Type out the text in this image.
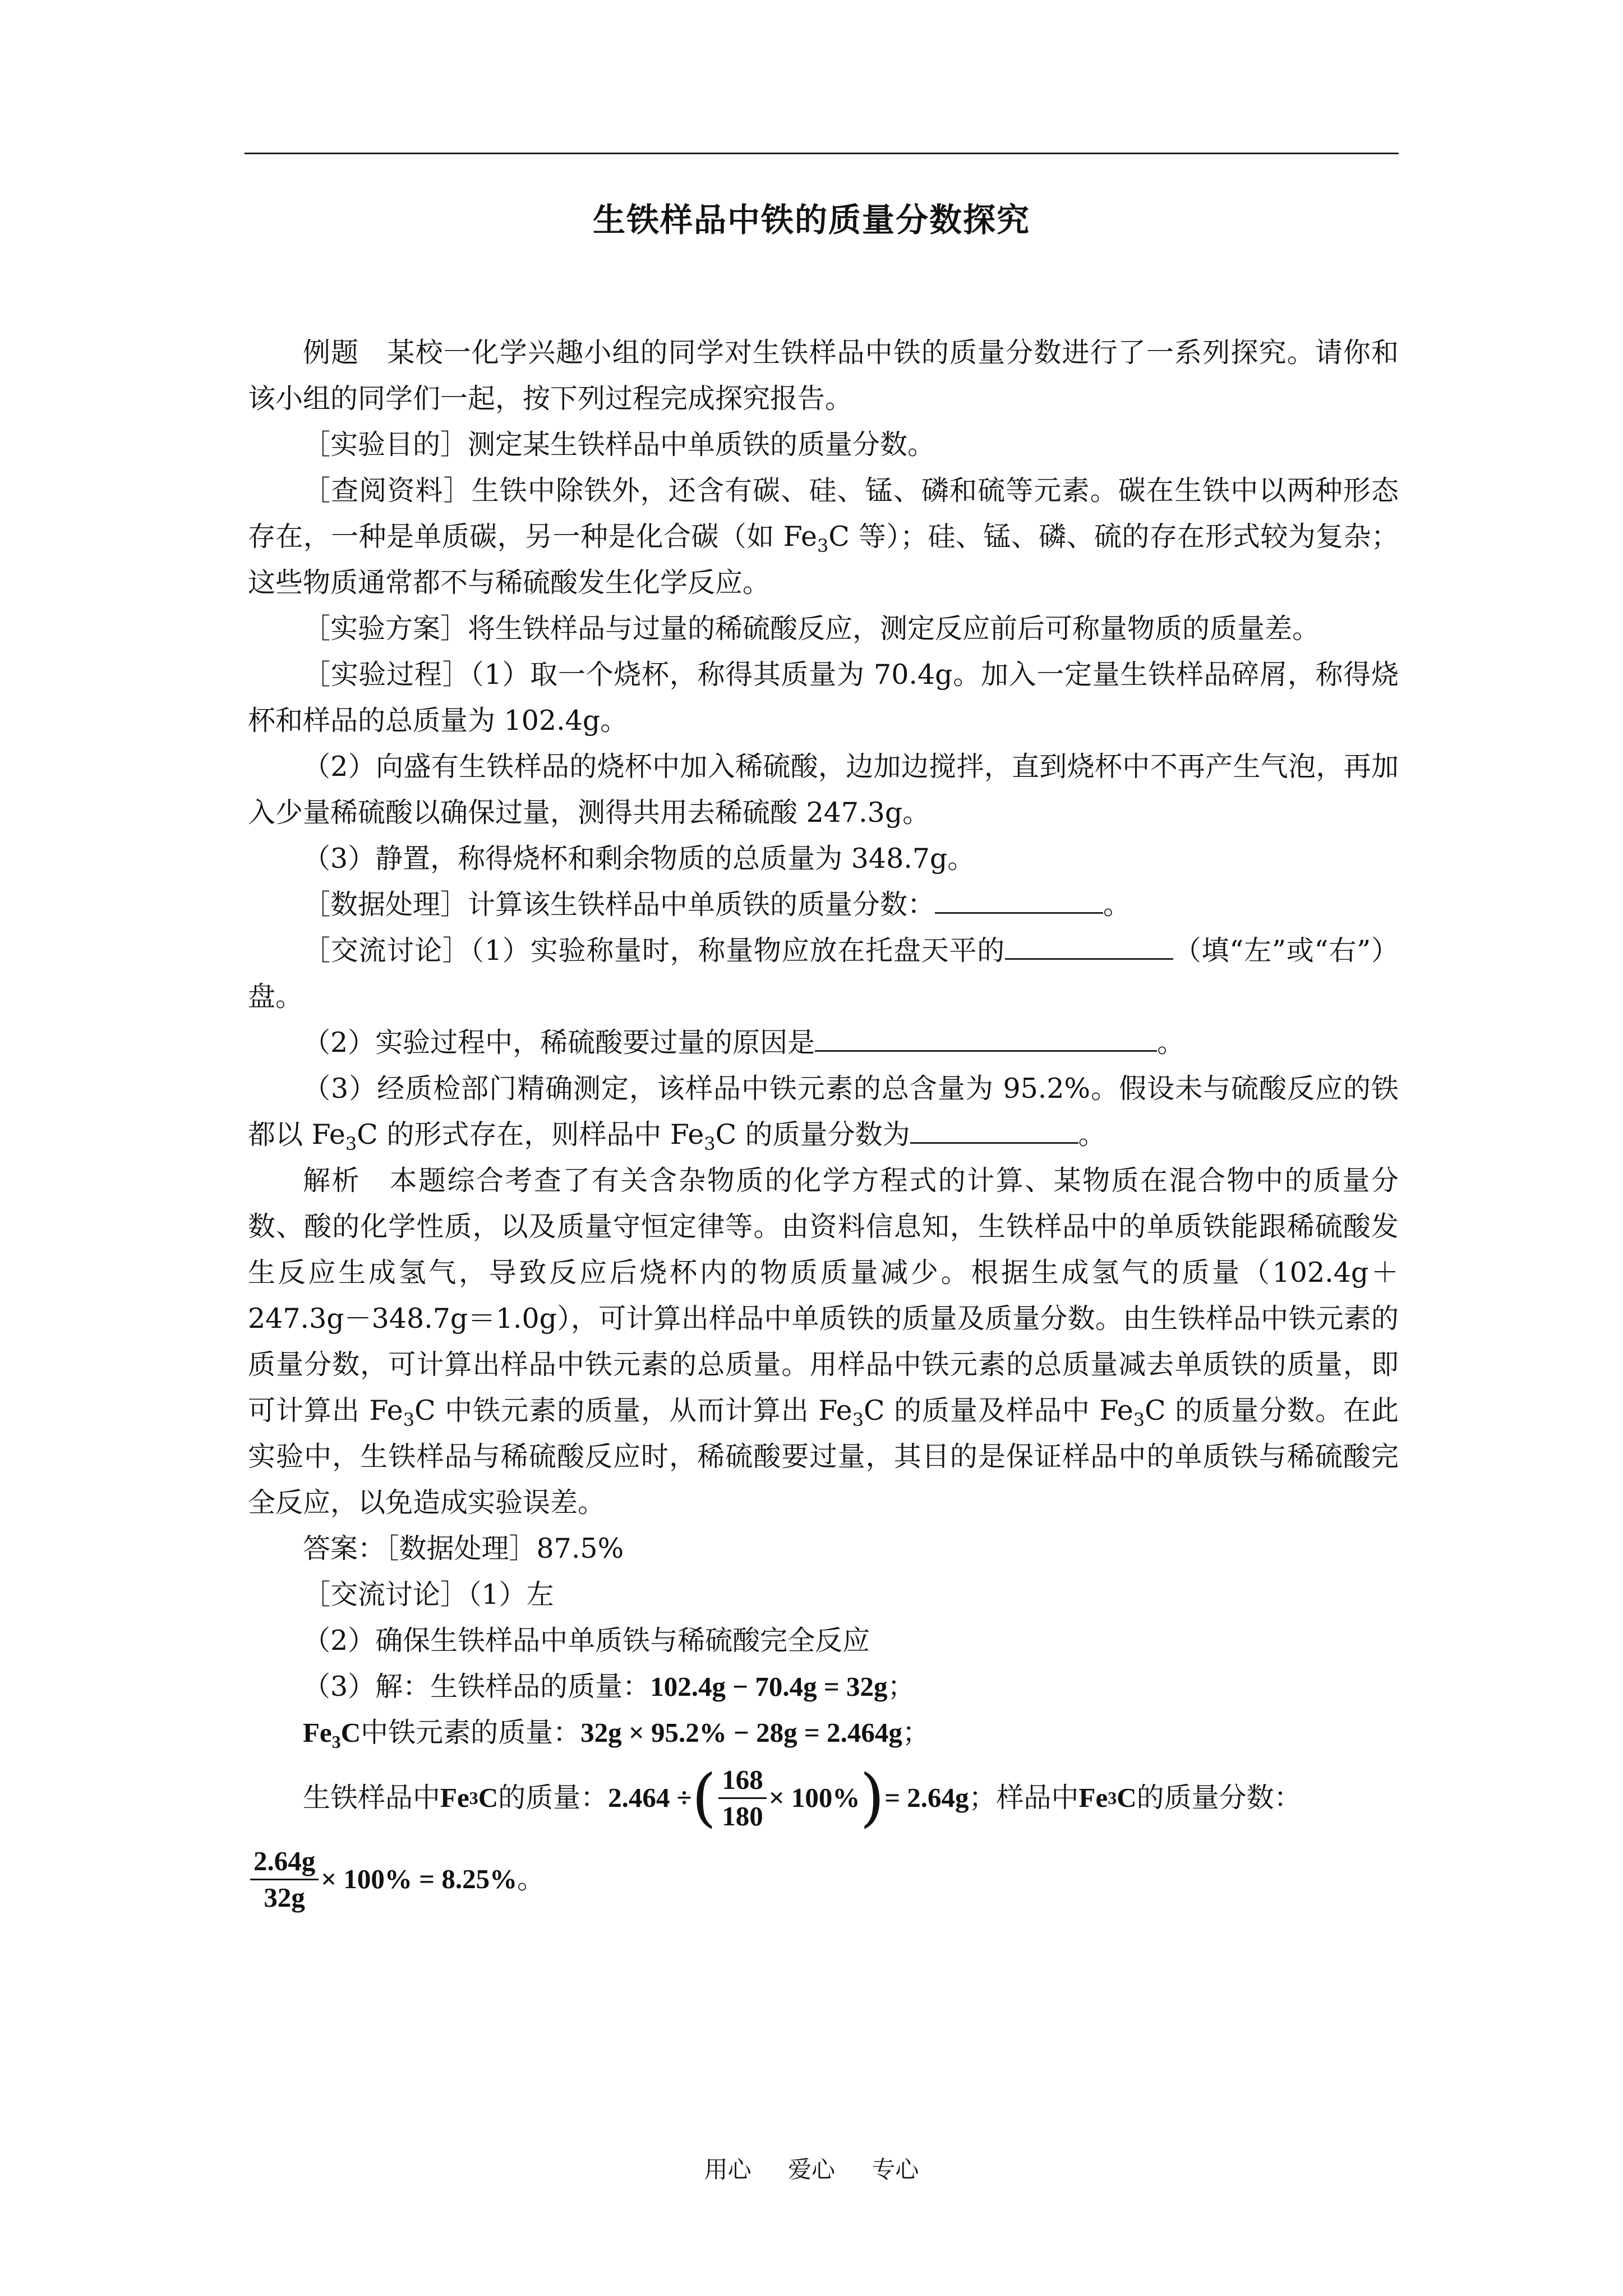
生铁样品中铁的质量分数探究

例题  某校一化学兴趣小组的同学对生铁样品中铁的质量分数进行了一系列探究。请你和该小组的同学们一起，按下列过程完成探究报告。

［实验目的］测定某生铁样品中单质铁的质量分数。

［查阅资料］生铁中除铁外，还含有碳、硅、锰、磷和硫等元素。碳在生铁中以两种形态存在，一种是单质碳，另一种是化合碳（如 $Fe_3C$ 等）；硅、锰、磷、硫的存在形式较为复杂；这些物质通常都不与稀硫酸发生化学反应。

［实验方案］将生铁样品与过量的稀硫酸反应，测定反应前后可称量物质的质量差。

［实验过程］（1）取一个烧杯，称得其质量为 70.4g。加入一定量生铁样品碎屑，称得烧杯和样品的总质量为 102.4g。

（2）向盛有生铁样品的烧杯中加入稀硫酸，边加边搅拌，直到烧杯中不再产生气泡，再加入少量稀硫酸以确保过量，测得共用去稀硫酸 247.3g。

（3）静置，称得烧杯和剩余物质的总质量为 348.7g。

［数据处理］计算该生铁样品中单质铁的质量分数：	。

［交流讨论］（1）实验称量时，称量物应放在托盘天平的	（填“左”或“右”）盘。

（2）实验过程中，稀硫酸要过量的原因是	。

（3）经质检部门精确测定，该样品中铁元素的总含量为 95.2%。假设未与硫酸反应的铁都以 $Fe_3C$ 的形式存在，则样品中 $Fe_3C$ 的质量分数为	。

解析  本题综合考查了有关含杂物质的化学方程式的计算、某物质在混合物中的质量分数、酸的化学性质，以及质量守恒定律等。由资料信息知，生铁样品中的单质铁能跟稀硫酸发生反应生成氢气，导致反应后烧杯内的物质质量减少。根据生成氢气的质量（102.4g＋247.3g－348.7g＝1.0g），可计算出样品中单质铁的质量及质量分数。由生铁样品中铁元素的质量分数，可计算出样品中铁元素的总质量。用样品中铁元素的总质量减去单质铁的质量，即可计算出 $Fe_3C$ 中铁元素的质量，从而计算出 $Fe_3C$ 的质量及样品中 $Fe_3C$ 的质量分数。在此实验中，生铁样品与稀硫酸反应时，稀硫酸要过量，其目的是保证样品中的单质铁与稀硫酸完全反应，以免造成实验误差。

答案：［数据处理］87.5%

［交流讨论］（1）左

（2）确保生铁样品中单质铁与稀硫酸完全反应

（3）解：生铁样品的质量：102.4g − 70.4g = 32g；

$Fe_3C$中铁元素的质量：32g × 95.2% − 28g = 2.464g；

生铁样品中 Fe 3 C 的质量： 2.464 ÷ ( $\frac{168}{180} \times 100\%$ ) = 2.64g ；样品中 Fe 3 C 的质量分数：
$\frac{2.64g}{32g} \times 100\% = 8.25\%$ 。
用心 爱心 专心
